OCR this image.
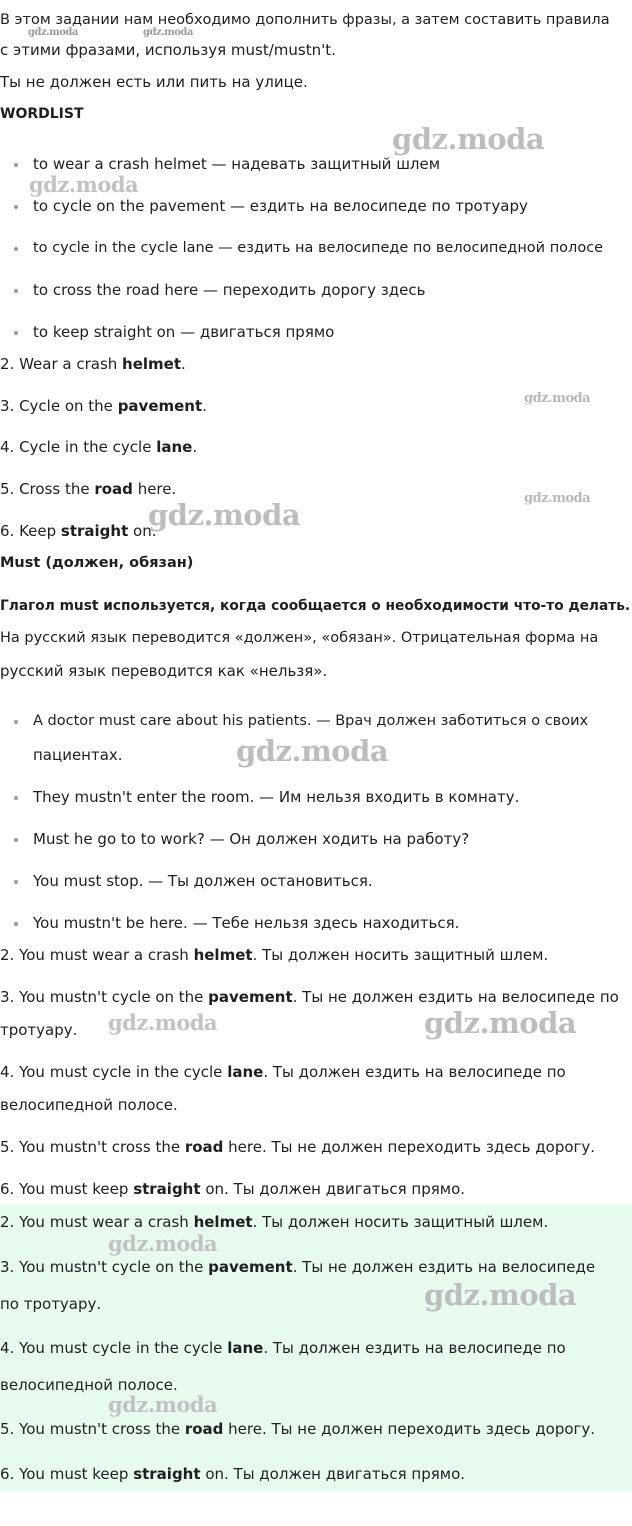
В этом задании нам необходимо дополнить фразы, а затем составить правила
с этими фразами, используя must/mustn't.
Ты не должен есть или пить на улице.
WORDLIST
to wear a crash helmet — надевать защитный шлем
to cycle on the pavement — ездить на велосипеде по тротуару
to cycle in the cycle lane — ездить на велосипеде по велосипедной полосе
to cross the road here — переходить дорогу здесь
to keep straight on — двигаться прямо
2. Wear a crash helmet.
3. Cycle on the pavement.
4. Cycle in the cycle lane.
5. Cross the road here.
6. Keep straight on.
Must (должен, обязан)
Глагол must используется, когда сообщается о необходимости что-то делать.
На русский язык переводится «должен», «обязан». Отрицательная форма на
русский язык переводится как «нельзя».
A doctor must care about his patients. — Врач должен заботиться о своих
пациентах.
They mustn't enter the room. — Им нельзя входить в комнату.
Must he go to to work? — Он должен ходить на работу?
You must stop. — Ты должен остановиться.
You mustn't be here. — Тебе нельзя здесь находиться.
2. You must wear a crash helmet. Ты должен носить защитный шлем.
3. You mustn't cycle on the pavement. Ты не должен ездить на велосипеде по
тротуару.
4. You must cycle in the cycle lane. Ты должен ездить на велосипеде по
велосипедной полосе.
5. You mustn't cross the road here. Ты не должен переходить здесь дорогу.
6. You must keep straight on. Ты должен двигаться прямо.
2. You must wear a crash helmet. Ты должен носить защитный шлем.
3. You mustn't cycle on the pavement. Ты не должен ездить на велосипеде
по тротуару.
4. You must cycle in the cycle lane. Ты должен ездить на велосипеде по
велосипедной полосе.
5. You mustn't cross the road here. Ты не должен переходить здесь дорогу.
6. You must keep straight on. Ты должен двигаться прямо.
gdz.moda	gdz.moda
gdz.moda
gdz.moda
gdz.moda
gdz.moda
gdz.moda
gdz.moda
gdz.moda	gdz.moda
gdz.moda
gdz.moda
gdz.moda
